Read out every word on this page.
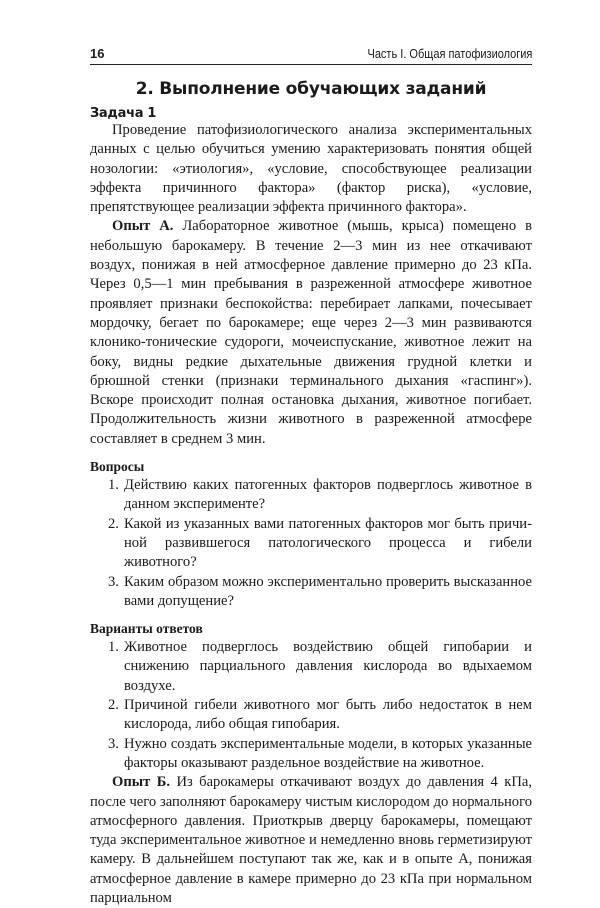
16	Часть I. Общая патофизиология
2. Выполнение обучающих заданий
Задача 1

Проведение патофизиологического анализа экспериментальных данных с целью обучиться умению характеризовать понятия общей нозологии: «этиология», «условие, способствующее реализации эффекта причинного фактора» (фактор риска), «условие, препятствующее реализации эффекта причинного фактора».

Опыт А. Лабораторное животное (мышь, крыса) помещено в небольшую барокамеру. В течение 2—3 мин из нее откачивают воздух, понижая в ней атмосферное давление примерно до 23 кПа. Через 0,5—1 мин пребывания в разреженной атмосфере животное проявляет признаки беспокойства: перебирает лапками, почесывает мордочку, бегает по барокамере; еще через 2—3 мин развиваются клонико-тонические судороги, мочеиспускание, животное лежит на боку, видны редкие дыхательные движения грудной клетки и брюшной стенки (признаки терминального дыхания «гаспинг»). Вскоре происходит полная остановка дыхания, животное погибает. Продолжительность жизни животного в разреженной атмосфере составляет в среднем 3 мин.

Вопросы
1. Действию каких патогенных факторов подверглось животное в данном эксперименте?
2. Какой из указанных вами патогенных факторов мог быть причиной развившегося патологического процесса и гибели животного?
3. Каким образом можно экспериментально проверить высказанное вами допущение?
Варианты ответов
1. Животное подверглось воздействию общей гипобарии и снижению парциального давления кислорода во вдыхаемом воздухе.
2. Причиной гибели животного мог быть либо недостаток в нем кислорода, либо общая гипобария.
3. Нужно создать экспериментальные модели, в которых указанные факторы оказывают раздельное воздействие на животное.

Опыт Б. Из барокамеры откачивают воздух до давления 4 кПа, после чего заполняют барокамеру чистым кислородом до нормального атмосферного давления. Приоткрыв дверцу барокамеры, помещают туда экспериментальное животное и немедленно вновь герметизируют камеру. В дальнейшем поступают так же, как и в опыте А, понижая атмосферное давление в камере примерно до 23 кПа при нормальном парциальном
